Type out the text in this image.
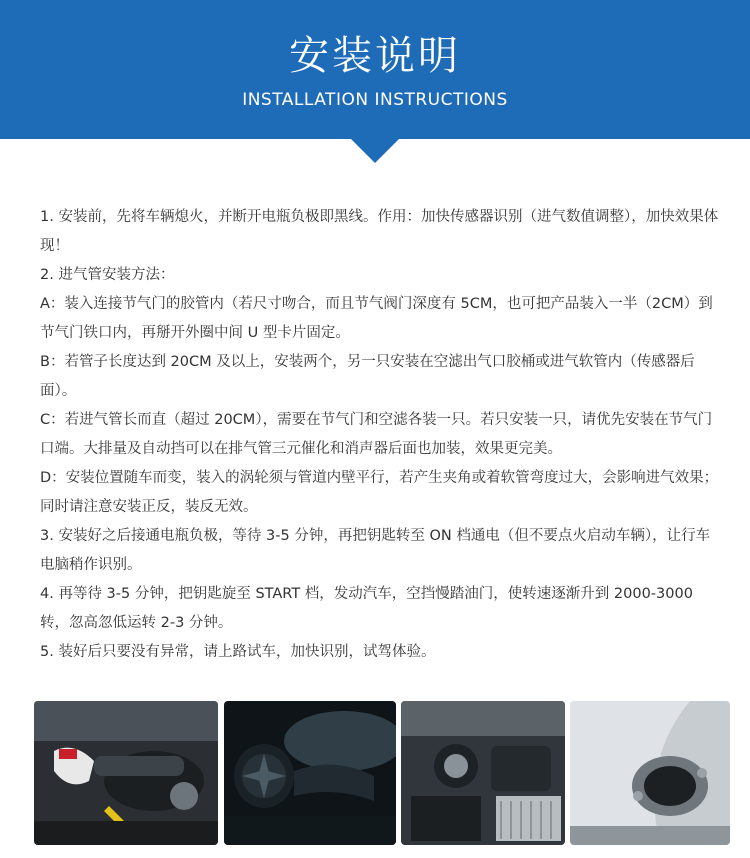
安装说明
INSTALLATION INSTRUCTIONS

1. 安装前，先将车辆熄火，并断开电瓶负极即黑线。作用：加快传感器识别（进气数值调整），加快效果体现！

2. 进气管安装方法：

A：装入连接节气门的胶管内（若尺寸吻合，而且节气阀门深度有 5CM，也可把产品装入一半（2CM）到节气门铁口内，再掰开外圈中间 U 型卡片固定。

B：若管子长度达到 20CM 及以上，安装两个，另一只安装在空滤出气口胶桶或进气软管内（传感器后面）。

C：若进气管长而直（超过 20CM），需要在节气门和空滤各装一只。若只安装一只，请优先安装在节气门口端。大排量及自动挡可以在排气管三元催化和消声器后面也加装，效果更完美。

D：安装位置随车而变，装入的涡轮须与管道内壁平行，若产生夹角或着软管弯度过大，会影响进气效果；同时请注意安装正反，装反无效。

3. 安装好之后接通电瓶负极，等待 3-5 分钟，再把钥匙转至 ON 档通电（但不要点火启动车辆），让行车电脑稍作识别。

4. 再等待 3-5 分钟，把钥匙旋至 START 档，发动汽车，空挡慢踏油门，使转速逐渐升到 2000-3000 转，忽高忽低运转 2-3 分钟。

5. 装好后只要没有异常，请上路试车，加快识别，试驾体验。
